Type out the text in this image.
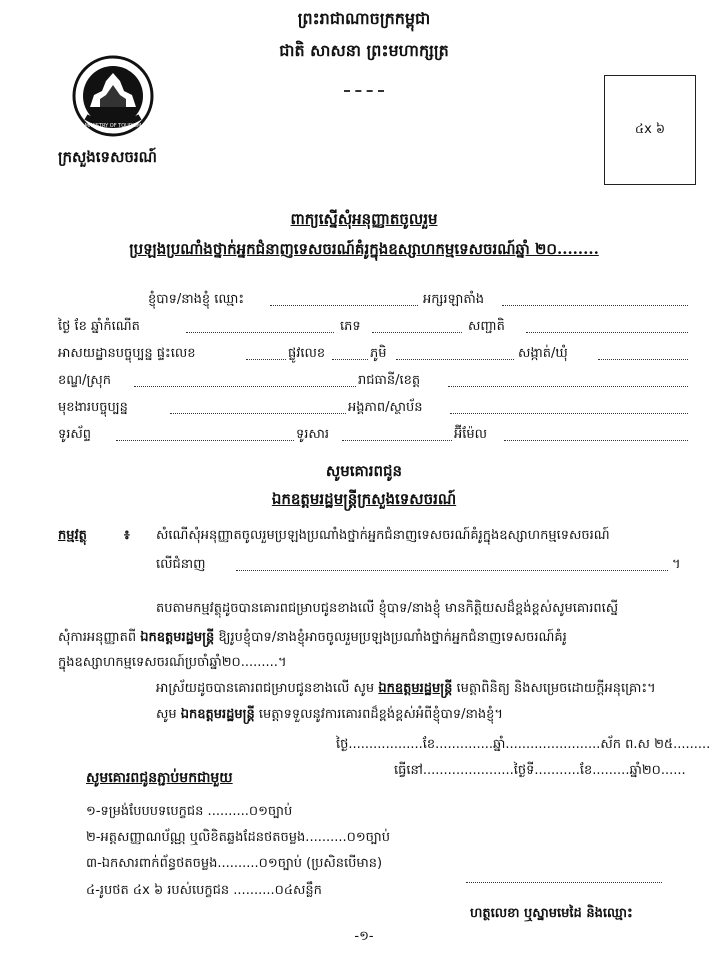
ព្រះរាជាណាចក្រកម្ពុជា
ជាតិ សាសនា ព្រះមហាក្សត្រ
MINISTRY OF TOURISM
ក្រសួងទេសចរណ៍
៤x ៦
ពាក្យស្នើសុំអនុញ្ញាតចូលរួម
ប្រឡងប្រណាំងថ្នាក់អ្នកជំនាញទេសចរណ៍គំរូក្នុងឧស្សាហកម្មទេសចរណ៍ឆ្នាំ ២០........
ខ្ញុំបាទ/នាងខ្ញុំ ឈ្មោះ	អក្សរឡាតាំង
ថ្ងៃ ខែ ឆ្នាំកំណើត	ភេទ	សញ្ជាតិ
អាសយដ្ឋានបច្ចុប្បន្ន ផ្ទះលេខ	ផ្លូវលេខ	ភូមិ	សង្កាត់/ឃុំ
ខណ្ឌ/ស្រុក	រាជធានី/ខេត្ត
មុខងារបច្ចុប្បន្ន	អង្គភាព/ស្ថាប័ន
ទូរស័ព្ទ	ទូរសារ	អ៊ីម៉ែល
សូមគោរពជូន
ឯកឧត្តមរដ្ឋមន្ត្រីក្រសួងទេសចរណ៍
កម្មវត្ថុ	៖ សំណើសុំអនុញ្ញាតចូលរួមប្រឡងប្រណាំងថ្នាក់អ្នកជំនាញទេសចរណ៍គំរូក្នុងឧស្សាហកម្មទេសចរណ៍
លើជំនាញ	។
តបតាមកម្មវត្ថុដូចបានគោរពជម្រាបជូនខាងលើ ខ្ញុំបាទ/នាងខ្ញុំ មានកិត្តិយសដ៏ខ្ពង់ខ្ពស់សូមគោរពស្នើ
សុំការអនុញ្ញាតពី ឯកឧត្តមរដ្ឋមន្ត្រី ឱ្យរូបខ្ញុំបាទ/នាងខ្ញុំអាចចូលរួមប្រឡងប្រណាំងថ្នាក់អ្នកជំនាញទេសចរណ៍គំរូ
ក្នុងឧស្សាហកម្មទេសចរណ៍ប្រចាំឆ្នាំ២០.........។
អាស្រ័យដូចបានគោរពជម្រាបជូនខាងលើ សូម ឯកឧត្តមរដ្ឋមន្ត្រី មេត្តាពិនិត្យ និងសម្រេចដោយក្តីអនុគ្រោះ។
សូម ឯកឧត្តមរដ្ឋមន្ត្រី មេត្តាទទួលនូវការគោរពដ៏ខ្ពង់ខ្ពស់អំពីខ្ញុំបាទ/នាងខ្ញុំ។
ថ្ងៃ..................ខែ..............ឆ្នាំ.......................ស័ក ព.ស ២៥.........
ធ្វើនៅ......................ថ្ងៃទី...........ខែ.........ឆ្នាំ២០......
សូមគោរពជូនភ្ជាប់មកជាមួយ
១-ទម្រង់បែបបទបេក្ខជន ..........០១ច្បាប់
២-អត្តសញ្ញាណប័ណ្ណ ឬលិខិតឆ្លងដែនថតចម្លង..........០១ច្បាប់
៣-ឯកសារពាក់ព័ន្ធថតចម្លង..........០១ច្បាប់ (ប្រសិនបើមាន)
៤-រូបថត ៤x ៦ របស់បេក្ខជន ..........០៤សន្លឹក
ហត្ថលេខា ឬស្នាមមេដៃ និងឈ្មោះ
-១-
